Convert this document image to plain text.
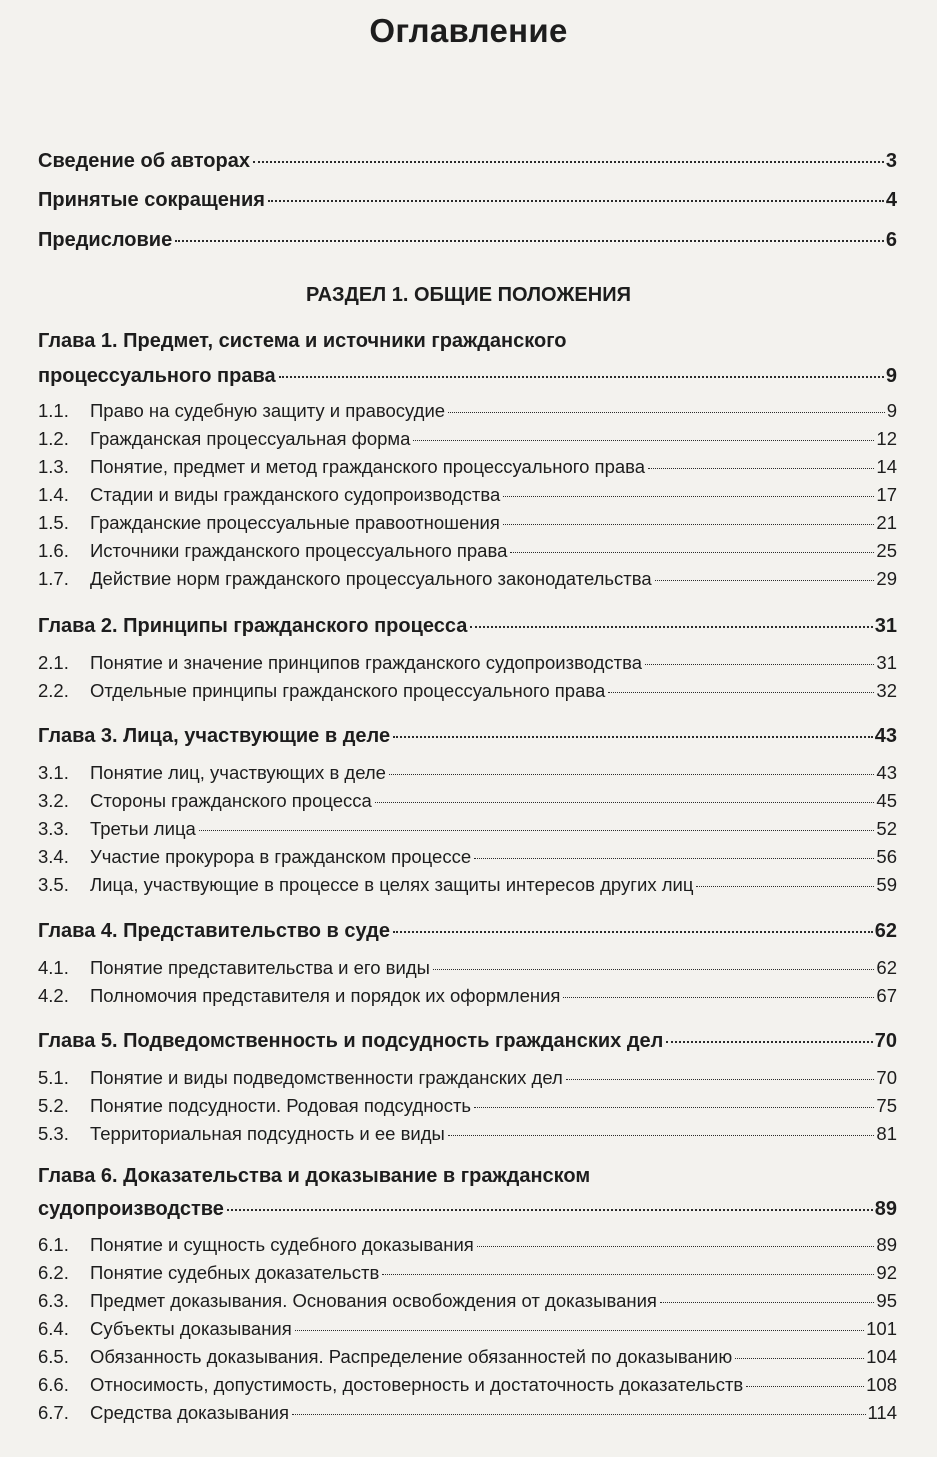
Оглавление
Сведение об авторах	3
Принятые сокращения	4
Предисловие	6
РАЗДЕЛ 1. ОБЩИЕ ПОЛОЖЕНИЯ
Глава 1. Предмет, система и источники гражданского
процессуального права	9
1.1.	Право на судебную защиту и правосудие	9
1.2.	Гражданская процессуальная форма	12
1.3.	Понятие, предмет и метод гражданского процессуального права	14
1.4.	Стадии и виды гражданского судопроизводства	17
1.5.	Гражданские процессуальные правоотношения	21
1.6.	Источники гражданского процессуального права	25
1.7.	Действие норм гражданского процессуального законодательства	29
Глава 2. Принципы гражданского процесса	31
2.1.	Понятие и значение принципов гражданского судопроизводства	31
2.2.	Отдельные принципы гражданского процессуального права	32
Глава 3. Лица, участвующие в деле	43
3.1.	Понятие лиц, участвующих в деле	43
3.2.	Стороны гражданского процесса	45
3.3.	Третьи лица	52
3.4.	Участие прокурора в гражданском процессе	56
3.5.	Лица, участвующие в процессе в целях защиты интересов других лиц	59
Глава 4. Представительство в суде	62
4.1.	Понятие представительства и его виды	62
4.2.	Полномочия представителя и порядок их оформления	67
Глава 5. Подведомственность и подсудность гражданских дел	70
5.1.	Понятие и виды подведомственности гражданских дел	70
5.2.	Понятие подсудности. Родовая подсудность	75
5.3.	Территориальная подсудность и ее виды	81
Глава 6. Доказательства и доказывание в гражданском
судопроизводстве	89
6.1.	Понятие и сущность судебного доказывания	89
6.2.	Понятие судебных доказательств	92
6.3.	Предмет доказывания. Основания освобождения от доказывания	95
6.4.	Субъекты доказывания	101
6.5.	Обязанность доказывания. Распределение обязанностей по доказыванию	104
6.6.	Относимость, допустимость, достоверность и достаточность доказательств	108
6.7.	Средства доказывания	114
